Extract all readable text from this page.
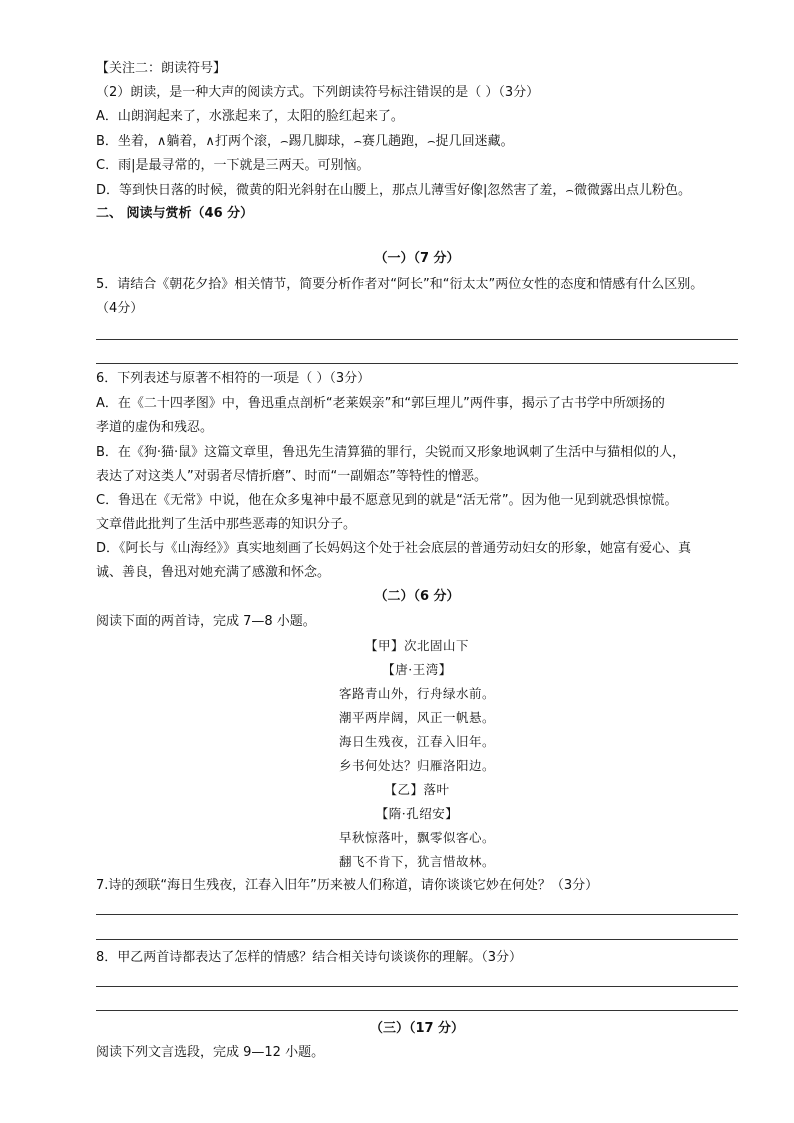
【关注二：朗读符号】
（2）朗读，是一种大声的阅读方式。下列朗读符号标注错误的是（ ）（3分）
A．山朗润起来了，水涨起来了，太阳的脸红起来了。
B．坐着，∧躺着，∧打两个滚，⌢踢几脚球，⌢赛几趟跑，⌢捉几回迷藏。
C．雨|是最寻常的，一下就是三两天。可别恼。
D．等到快日落的时候，微黄的阳光斜射在山腰上，那点儿薄雪好像|忽然害了羞，⌢微微露出点儿粉色。
二、 阅读与赏析（46 分）
（一）（7 分）
5．请结合《朝花夕拾》相关情节，简要分析作者对“阿长”和“衍太太”两位女性的态度和情感有什么区别。
（4分）
6．下列表述与原著不相符的一项是（ ）（3分）
A．在《二十四孝图》中，鲁迅重点剖析“老莱娱亲”和“郭巨埋儿”两件事，揭示了古书学中所颂扬的
孝道的虚伪和残忍。
B．在《狗·猫·鼠》这篇文章里，鲁迅先生清算猫的罪行，尖锐而又形象地讽刺了生活中与猫相似的人，
表达了对这类人”对弱者尽情折磨”、时而“一副媚态”等特性的憎恶。
C．鲁迅在《无常》中说，他在众多鬼神中最不愿意见到的就是“活无常”。因为他一见到就恐惧惊慌。
文章借此批判了生活中那些恶毒的知识分子。
D．《阿长与《山海经》》真实地刻画了长妈妈这个处于社会底层的普通劳动妇女的形象，她富有爱心、真
诚、善良，鲁迅对她充满了感激和怀念。
（二）（6 分）
阅读下面的两首诗，完成 7—8 小题。
【甲】次北固山下
【唐·王湾】
客路青山外，行舟绿水前。
潮平两岸阔，风正一帆悬。
海日生残夜，江春入旧年。
乡书何处达？归雁洛阳边。
【乙】落叶
【隋·孔绍安】
早秋惊落叶，飘零似客心。
翻飞不肯下，犹言惜故林。
7.诗的颈联“海日生残夜，江春入旧年”历来被人们称道，请你谈谈它妙在何处？（3分）
8．甲乙两首诗都表达了怎样的情感？结合相关诗句谈谈你的理解。（3分）
（三）（17 分）
阅读下列文言选段，完成 9—12 小题。
